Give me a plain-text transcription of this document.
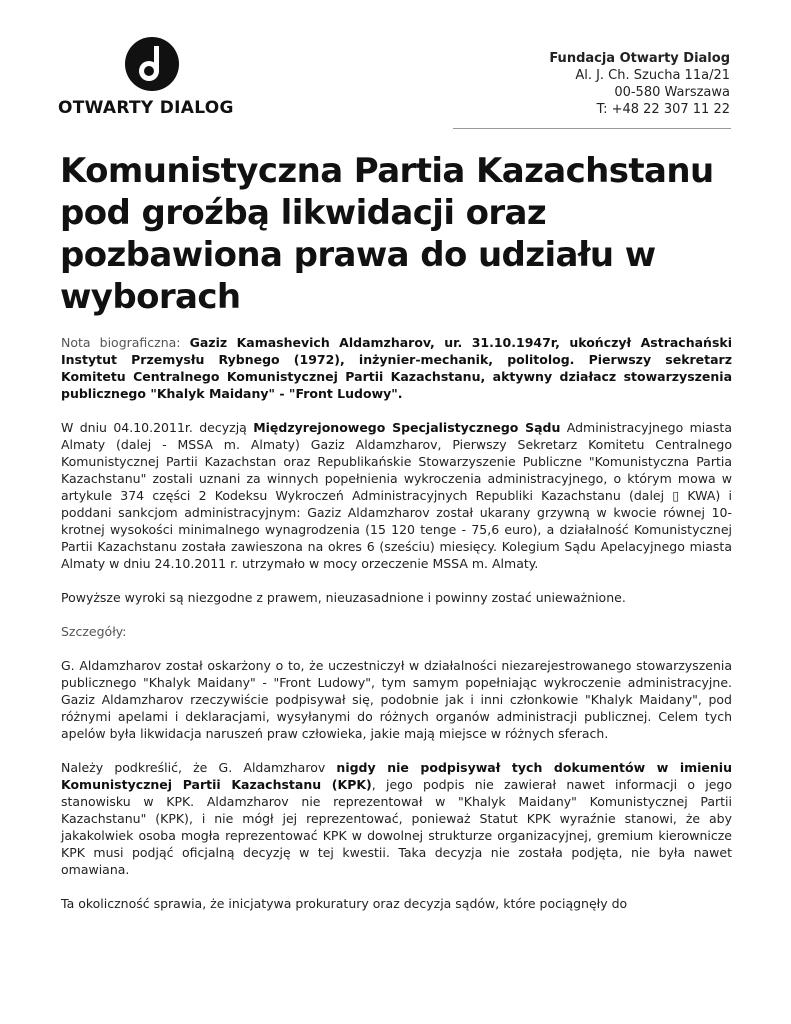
OTWARTY DIALOG
Fundacja Otwarty Dialog
Al. J. Ch. Szucha 11a/21
00-580 Warszawa
T: +48 22 307 11 22
Komunistyczna Partia Kazachstanu pod groźbą likwidacji oraz pozbawiona prawa do udziału w wyborach

Nota biograficzna: Gaziz Kamashevich Aldamzharov, ur. 31.10.1947r, ukończył Astrachański Instytut Przemysłu Rybnego (1972), inżynier-mechanik, politolog. Pierwszy sekretarz Komitetu Centralnego Komunistycznej Partii Kazachstanu, aktywny działacz stowarzyszenia publicznego "Khalyk Maidany" - "Front Ludowy".

W dniu 04.10.2011r. decyzją Międzyrejonowego Specjalistycznego Sądu Administracyjnego miasta Almaty (dalej - MSSA m. Almaty) Gaziz Aldamzharov, Pierwszy Sekretarz Komitetu Centralnego Komunistycznej Partii Kazachstan oraz Republikańskie Stowarzyszenie Publiczne "Komunistyczna Partia Kazachstanu" zostali uznani za winnych popełnienia wykroczenia administracyjnego, o którym mowa w artykule 374 części 2 Kodeksu Wykroczeń Administracyjnych Republiki Kazachstanu (dalej ▯ KWA) i poddani sankcjom administracyjnym: Gaziz Aldamzharov został ukarany grzywną w kwocie równej 10-krotnej wysokości minimalnego wynagrodzenia (15 120 tenge - 75,6 euro), a działalność Komunistycznej Partii Kazachstanu została zawieszona na okres 6 (sześciu) miesięcy. Kolegium Sądu Apelacyjnego miasta Almaty w dniu 24.10.2011 r. utrzymało w mocy orzeczenie MSSA m. Almaty.

Powyższe wyroki są niezgodne z prawem, nieuzasadnione i powinny zostać unieważnione.

Szczegóły:

G. Aldamzharov został oskarżony o to, że uczestniczył w działalności niezarejestrowanego stowarzyszenia publicznego "Khalyk Maidany" - "Front Ludowy", tym samym popełniając wykroczenie administracyjne. Gaziz Aldamzharov rzeczywiście podpisywał się, podobnie jak i inni członkowie "Khalyk Maidany", pod różnymi apelami i deklaracjami, wysyłanymi do różnych organów administracji publicznej. Celem tych apelów była likwidacja naruszeń praw człowieka, jakie mają miejsce w różnych sferach.

Należy podkreślić, że G. Aldamzharov nigdy nie podpisywał tych dokumentów w imieniu Komunistycznej Partii Kazachstanu (KPK), jego podpis nie zawierał nawet informacji o jego stanowisku w KPK. Aldamzharov nie reprezentował w "Khalyk Maidany" Komunistycznej Partii Kazachstanu" (KPK), i nie mógł jej reprezentować, ponieważ Statut KPK wyraźnie stanowi, że aby jakakolwiek osoba mogła reprezentować KPK w dowolnej strukturze organizacyjnej, gremium kierownicze KPK musi podjąć oficjalną decyzję w tej kwestii. Taka decyzja nie została podjęta, nie była nawet omawiana.

Ta okoliczność sprawia, że inicjatywa prokuratury oraz decyzja sądów, które pociągnęły do
